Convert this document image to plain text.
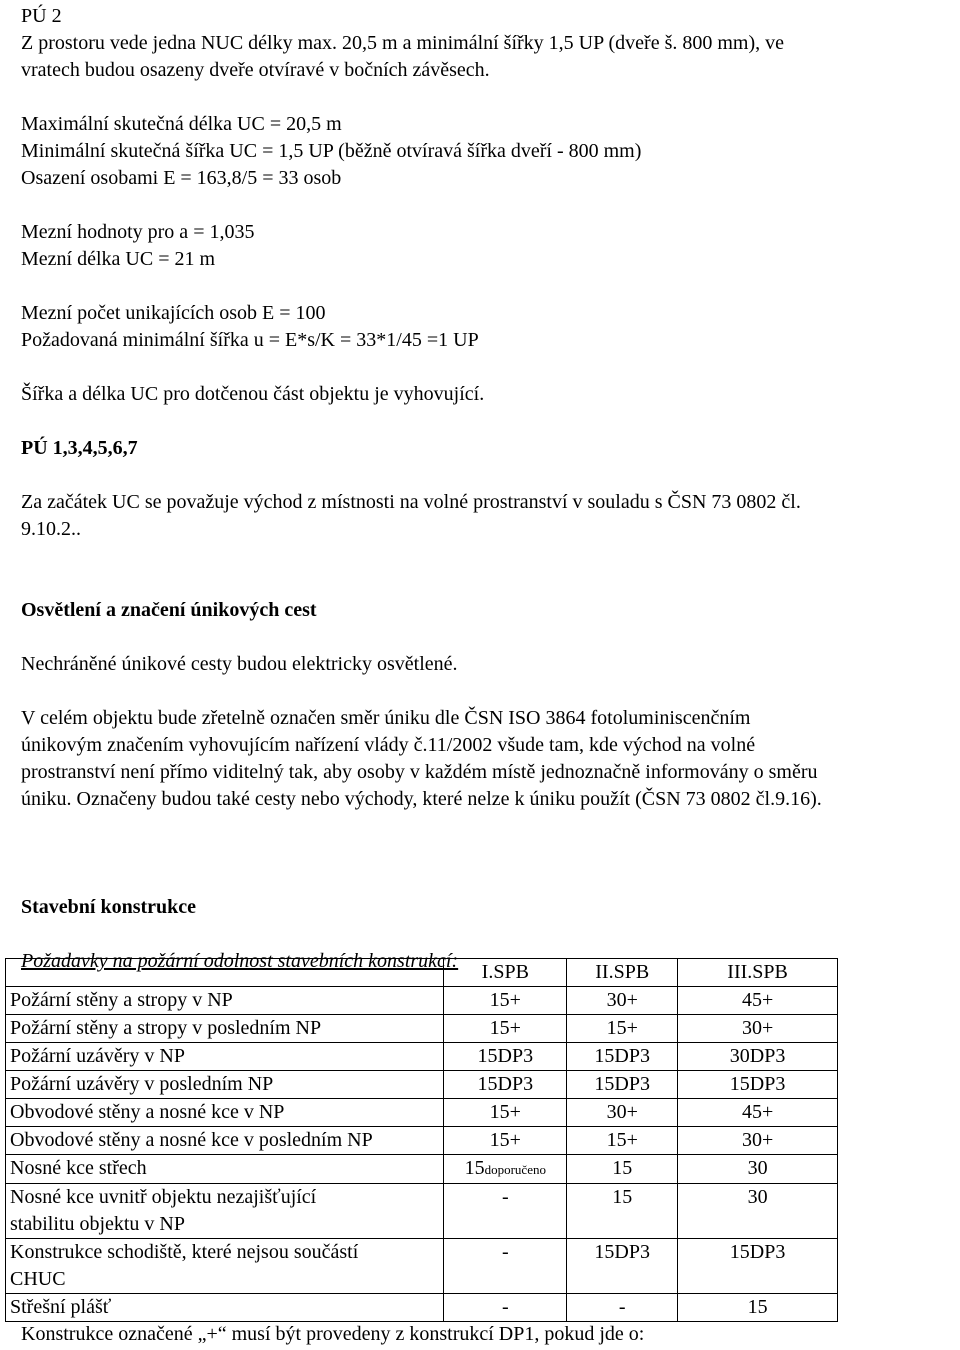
PÚ 2

Z prostoru vede jedna NUC délky max. 20,5 m a minimální šířky 1,5 UP (dveře š. 800 mm), ve

vratech budou osazeny dveře otvíravé v bočních závěsech.

Maximální skutečná délka UC = 20,5 m

Minimální skutečná šířka UC = 1,5 UP (běžně otvíravá šířka dveří - 800 mm)

Osazení osobami E = 163,8/5 = 33 osob

Mezní hodnoty pro a = 1,035

Mezní délka UC = 21 m

Mezní počet unikajících osob E = 100

Požadovaná minimální šířka u = E*s/K = 33*1/45 =1 UP

Šířka a délka UC pro dotčenou část objektu je vyhovující.

PÚ 1,3,4,5,6,7

Za začátek UC se považuje východ z místnosti na volné prostranství v souladu s ČSN 73 0802 čl.

9.10.2..

Osvětlení a značení únikových cest

Nechráněné únikové cesty budou elektricky osvětlené.

V celém objektu bude zřetelně označen směr úniku dle ČSN ISO 3864 fotoluminiscenčním

únikovým značením vyhovujícím nařízení vlády č.11/2002 všude tam, kde východ na volné

prostranství není přímo viditelný tak, aby osoby v každém místě jednoznačně informovány o směru

úniku. Označeny budou také cesty nebo východy, které nelze k úniku použít (ČSN 73 0802 čl.9.16).

Stavební konstrukce

Požadavky na požární odolnost stavebních konstrukcí:

		I.SPB	II.SPB	III.SPB
Požární stěny a stropy v NP	15+	30+	45+
Požární stěny a stropy v posledním NP	15+	15+	30+
Požární uzávěry v NP	15DP3	15DP3	30DP3
Požární uzávěry v posledním NP	15DP3	15DP3	15DP3
Obvodové stěny a nosné kce v NP	15+	30+	45+
Obvodové stěny a nosné kce v posledním NP	15+	15+	30+
Nosné kce střech	15doporučeno	15	30

Nosné kce uvnitř objektu nezajišťující
stabilitu objektu v NP	-	15	30

Konstrukce schodiště, které nejsou součástí
CHUC	-	15DP3	15DP3
Střešní plášť	-	-	15

Konstrukce označené „+“ musí být provedeny z konstrukcí DP1, pokud jde o:
